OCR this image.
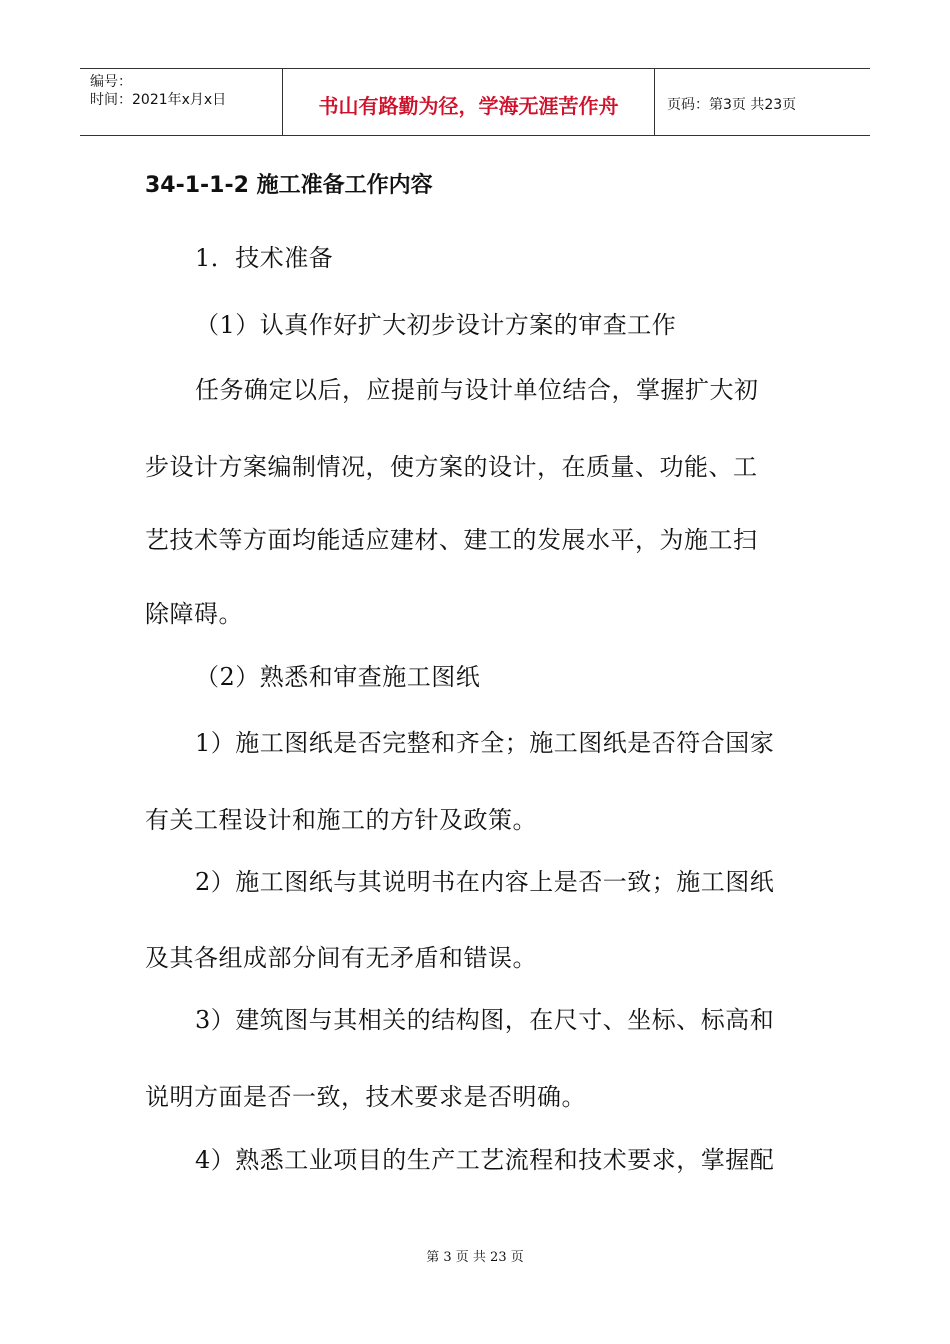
编号：
时间：2021年x月x日	书山有路勤为径，学海无涯苦作舟	页码：第3页 共23页
34-1-1-2 施工准备工作内容
1．技术准备
（1）认真作好扩大初步设计方案的审查工作
任务确定以后，应提前与设计单位结合，掌握扩大初
步设计方案编制情况，使方案的设计，在质量、功能、工
艺技术等方面均能适应建材、建工的发展水平，为施工扫
除障碍。
（2）熟悉和审查施工图纸
1）施工图纸是否完整和齐全；施工图纸是否符合国家
有关工程设计和施工的方针及政策。
2）施工图纸与其说明书在内容上是否一致；施工图纸
及其各组成部分间有无矛盾和错误。
3）建筑图与其相关的结构图，在尺寸、坐标、标高和
说明方面是否一致，技术要求是否明确。
4）熟悉工业项目的生产工艺流程和技术要求，掌握配
第 3 页 共 23 页
